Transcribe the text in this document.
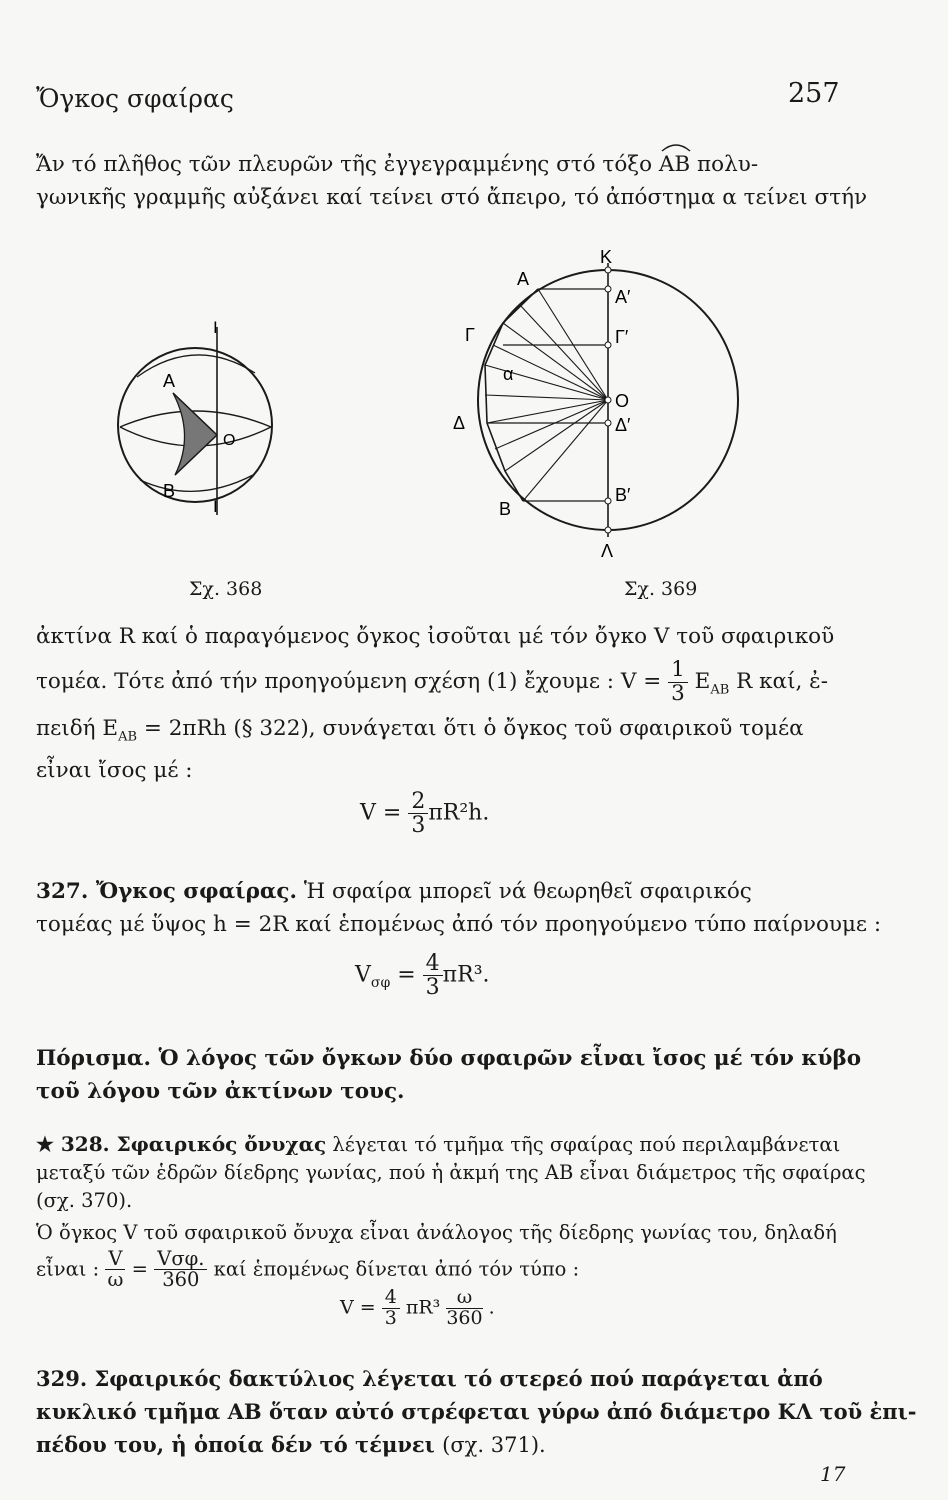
Ὄγκος σφαίρας	257
Ἄν τό πλῆθος τῶν πλευρῶν τῆς ἐγγεγραμμένης στό τόξο AB
πολυ-
γωνικῆς γραμμῆς αὐξάνει καί τείνει στό ἄπειρο, τό ἀπόστημα α τείνει στήν
I
A
O
B
I
Σχ. 368
K
A
A′
Γ	Γ′
α
O
Δ	Δ′
B
B′
Λ
Σχ. 369
ἀκτίνα R καί ὁ παραγόμενος ὄγκος ἰσοῦται μέ τόν ὄγκο V τοῦ σφαιρικοῦ
τομέα. Τότε ἀπό τήν προηγούμενη σχέση (1) ἔχουμε : $V = \frac{1}{3} E_{AB}$ R καί, ἐ-
πειδή $E_{AB} = 2\pi Rh$ (§ 322), συνάγεται ὅτι ὁ ὄγκος τοῦ σφαιρικοῦ τομέα
εἶναι ἴσος μέ :
$V = \frac{2}{3} \pi R^2h$.
327. Ὄγκος σφαίρας. Ἡ σφαίρα μπορεῖ νά θεωρηθεῖ σφαιρικός
τομέας μέ ὕψος h = 2R καί ἑπομένως ἀπό τόν προηγούμενο τύπο παίρνουμε :
$V_{\sigma\varphi} = \frac{4}{3} \pi R^3$.
Πόρισμα. Ὁ λόγος τῶν ὄγκων δύο σφαιρῶν εἶναι ἴσος μέ τόν κύβο
τοῦ λόγου τῶν ἀκτίνων τους.
★ 328. Σφαιρικός ὄνυχας λέγεται τό τμῆμα τῆς σφαίρας πού περιλαμβάνεται
μεταξύ τῶν ἑδρῶν δίεδρης γωνίας, πού ἡ ἀκμή της AB εἶναι διάμετρος τῆς σφαίρας
(σχ. 370).
Ὁ ὄγκος V τοῦ σφαιρικοῦ ὄνυχα εἶναι ἀνάλογος τῆς δίεδρης γωνίας του, δηλαδή
εἶναι : $\frac{V}{\omega} = \frac{\text{Vσφ.}}{360}$ καί ἑπομένως δίνεται ἀπό τόν τύπο :
$V = \frac{4}{3} \pi R^3 \frac{\omega}{360}$ .
329. Σφαιρικός δακτύλιος λέγεται τό στερεό πού παράγεται ἀπό
κυκλικό τμῆμα AB ὅταν αὐτό στρέφεται γύρω ἀπό διάμετρο ΚΛ τοῦ ἐπι-
πέδου του, ἡ ὁποία δέν τό τέμνει (σχ. 371).
17
